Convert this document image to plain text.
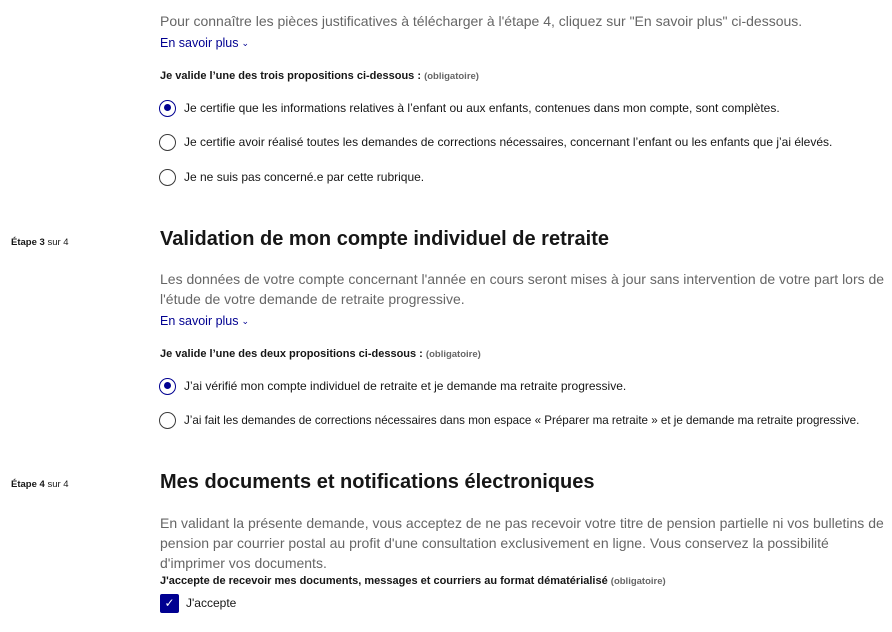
Pour connaître les pièces justificatives à télécharger à l'étape 4, cliquez sur "En savoir plus" ci-dessous.
En savoir plus ⌄
Je valide l’une des trois propositions ci-dessous : (obligatoire)
Je certifie que les informations relatives à l’enfant ou aux enfants, contenues dans mon compte, sont complètes.
Je certifie avoir réalisé toutes les demandes de corrections nécessaires, concernant l’enfant ou les enfants que j’ai élevés.
Je ne suis pas concerné.e par cette rubrique.
Étape 3 sur 4	Validation de mon compte individuel de retraite
Les données de votre compte concernant l'année en cours seront mises à jour sans intervention de votre part lors de l'étude de votre demande de retraite progressive.
En savoir plus ⌄
Je valide l’une des deux propositions ci-dessous : (obligatoire)
J’ai vérifié mon compte individuel de retraite et je demande ma retraite progressive.
J’ai fait les demandes de corrections nécessaires dans mon espace « Préparer ma retraite » et je demande ma retraite progressive.
Étape 4 sur 4	Mes documents et notifications électroniques
En validant la présente demande, vous acceptez de ne pas recevoir votre titre de pension partielle ni vos bulletins de pension par courrier postal au profit d'une consultation exclusivement en ligne. Vous conservez la possibilité d'imprimer vos documents.
J'accepte de recevoir mes documents, messages et courriers au format dématérialisé (obligatoire)
✓ J'accepte
